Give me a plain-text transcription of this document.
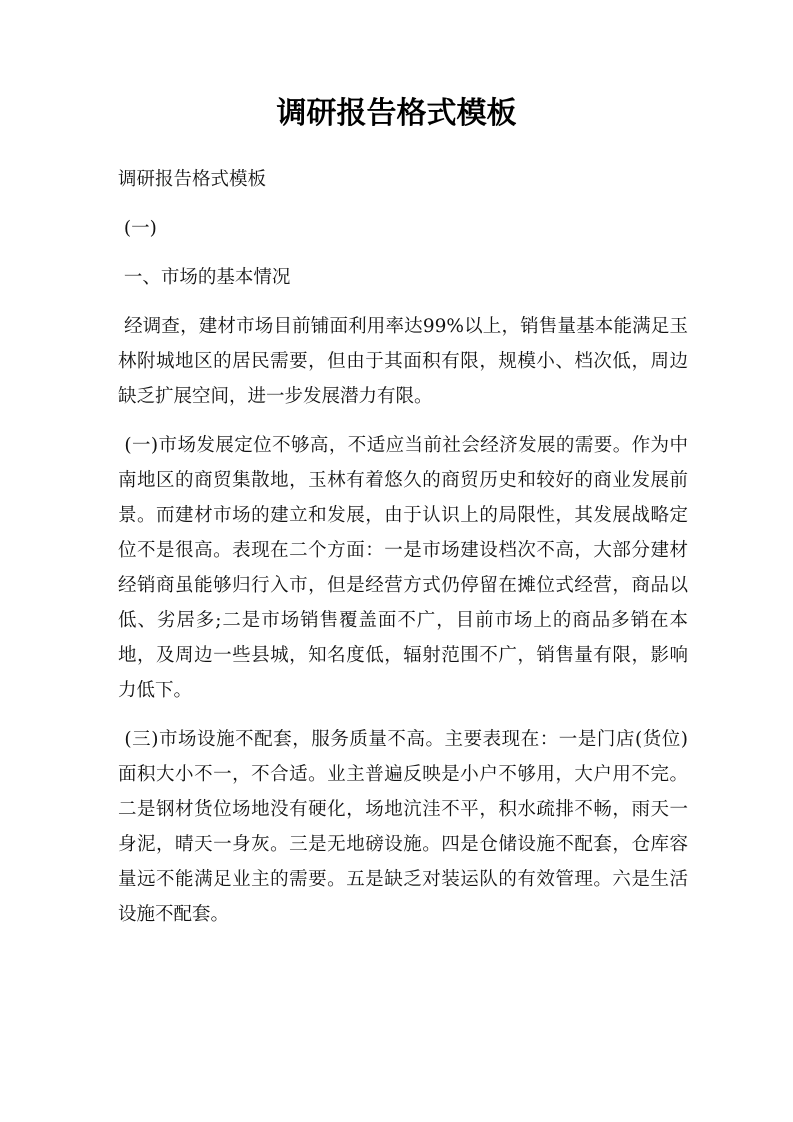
调研报告格式模板

调研报告格式模板

(一)

一、市场的基本情况

经调查，建材市场目前铺面利用率达99%以上，销售量基本能满足玉林附城地区的居民需要，但由于其面积有限，规模小、档次低，周边缺乏扩展空间，进一步发展潜力有限。

(一)市场发展定位不够高，不适应当前社会经济发展的需要。作为中南地区的商贸集散地，玉林有着悠久的商贸历史和较好的商业发展前景。而建材市场的建立和发展，由于认识上的局限性，其发展战略定位不是很高。表现在二个方面：一是市场建设档次不高，大部分建材经销商虽能够归行入市，但是经营方式仍停留在摊位式经营，商品以低、劣居多;二是市场销售覆盖面不广，目前市场上的商品多销在本地，及周边一些县城，知名度低，辐射范围不广，销售量有限，影响力低下。

(三)市场设施不配套，服务质量不高。主要表现在：一是门店(货位)面积大小不一，不合适。业主普遍反映是小户不够用，大户用不完。二是钢材货位场地没有硬化，场地沆洼不平，积水疏排不畅，雨天一身泥，晴天一身灰。三是无地磅设施。四是仓储设施不配套，仓库容量远不能满足业主的需要。五是缺乏对装运队的有效管理。六是生活设施不配套。
